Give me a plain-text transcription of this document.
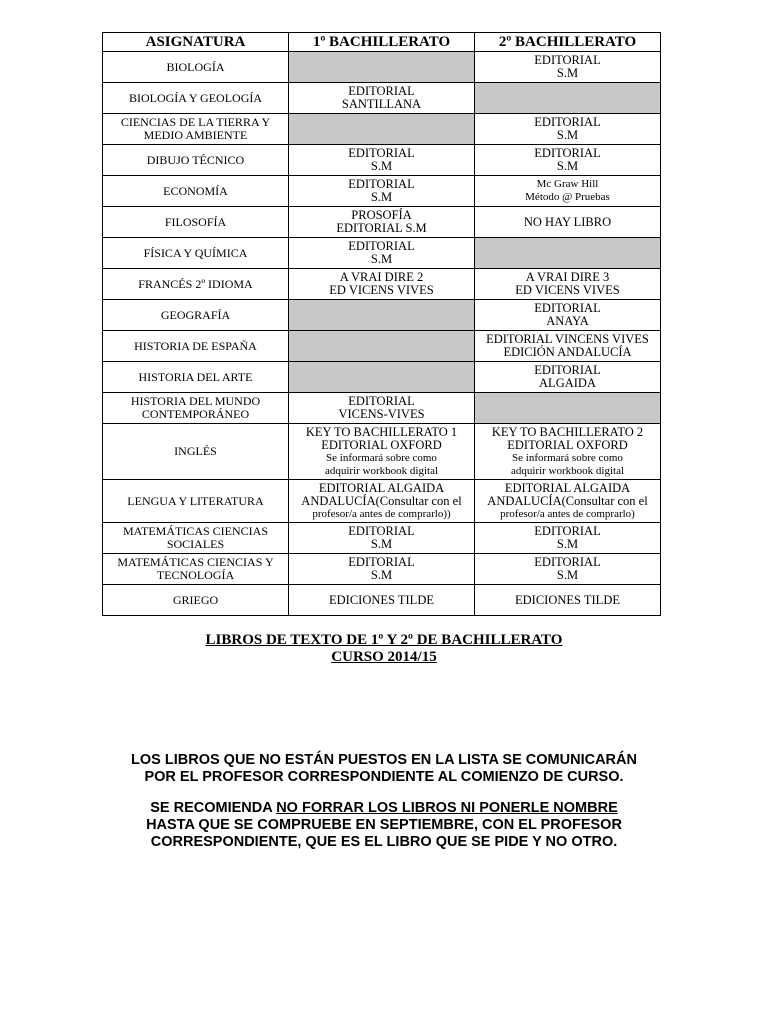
ASIGNATURA	1º BACHILLERATO	2º BACHILLERATO

BIOLOGÍA		EDITORIAL
S.M

BIOLOGÍA Y GEOLOGÍA	EDITORIAL
SANTILLANA	

CIENCIAS DE LA TIERRA Y
MEDIO AMBIENTE		EDITORIAL
S.M

DIBUJO TÉCNICO	EDITORIAL
S.M	EDITORIAL
S.M

ECONOMÍA	EDITORIAL
S.M	Mc Graw Hill
Método @ Pruebas

FILOSOFÍA	PROSOFÍA
EDITORIAL S.M	NO HAY LIBRO

FÍSICA Y QUÍMICA	EDITORIAL
S.M	

FRANCÉS 2º IDIOMA	A VRAI DIRE 2
ED VICENS VIVES	A VRAI DIRE 3
ED VICENS VIVES

GEOGRAFÍA		EDITORIAL
ANAYA

HISTORIA DE ESPAÑA		EDITORIAL VINCENS VIVES
EDICIÓN ANDALUCÍA

HISTORIA DEL ARTE		EDITORIAL
ALGAIDA

HISTORIA DEL MUNDO
CONTEMPORÁNEO	EDITORIAL
VICENS-VIVES	

INGLÉS	KEY TO BACHILLERATO 1
EDITORIAL OXFORD
Se informará sobre como
adquirir workbook digital	KEY TO BACHILLERATO 2
EDITORIAL OXFORD
Se informará sobre como
adquirir workbook digital

LENGUA Y LITERATURA	EDITORIAL ALGAIDA
ANDALUCÍA(Consultar con el
profesor/a antes de comprarlo))	EDITORIAL ALGAIDA
ANDALUCÍA(Consultar con el
profesor/a antes de comprarlo)

MATEMÁTICAS CIENCIAS
SOCIALES	EDITORIAL
S.M	EDITORIAL
S.M

MATEMÁTICAS CIENCIAS Y
TECNOLOGÍA	EDITORIAL
S.M	EDITORIAL
S.M

GRIEGO	EDICIONES TILDE	EDICIONES TILDE
LIBROS DE TEXTO DE 1º Y 2º DE BACHILLERATO
CURSO 2014/15
LOS LIBROS QUE NO ESTÁN PUESTOS EN LA LISTA SE COMUNICARÁN
POR EL PROFESOR CORRESPONDIENTE AL COMIENZO DE CURSO.
SE RECOMIENDA NO FORRAR LOS LIBROS NI PONERLE NOMBRE
HASTA QUE SE COMPRUEBE EN SEPTIEMBRE, CON EL PROFESOR
CORRESPONDIENTE, QUE ES EL LIBRO QUE SE PIDE Y NO OTRO.
